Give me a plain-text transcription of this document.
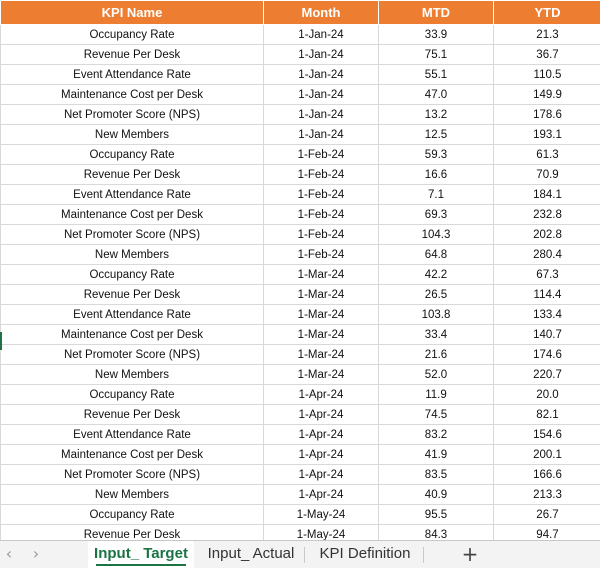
KPI Name	Month	MTD	YTD
Occupancy Rate	1-Jan-24	33.9	21.3
Revenue Per Desk	1-Jan-24	75.1	36.7
Event Attendance Rate	1-Jan-24	55.1	110.5
Maintenance Cost per Desk	1-Jan-24	47.0	149.9
Net Promoter Score (NPS)	1-Jan-24	13.2	178.6
New Members	1-Jan-24	12.5	193.1
Occupancy Rate	1-Feb-24	59.3	61.3
Revenue Per Desk	1-Feb-24	16.6	70.9
Event Attendance Rate	1-Feb-24	7.1	184.1
Maintenance Cost per Desk	1-Feb-24	69.3	232.8
Net Promoter Score (NPS)	1-Feb-24	104.3	202.8
New Members	1-Feb-24	64.8	280.4
Occupancy Rate	1-Mar-24	42.2	67.3
Revenue Per Desk	1-Mar-24	26.5	114.4
Event Attendance Rate	1-Mar-24	103.8	133.4
Maintenance Cost per Desk	1-Mar-24	33.4	140.7
Net Promoter Score (NPS)	1-Mar-24	21.6	174.6
New Members	1-Mar-24	52.0	220.7
Occupancy Rate	1-Apr-24	11.9	20.0
Revenue Per Desk	1-Apr-24	74.5	82.1
Event Attendance Rate	1-Apr-24	83.2	154.6
Maintenance Cost per Desk	1-Apr-24	41.9	200.1
Net Promoter Score (NPS)	1-Apr-24	83.5	166.6
New Members	1-Apr-24	40.9	213.3
Occupancy Rate	1-May-24	95.5	26.7
Revenue Per Desk	1-May-24	84.3	94.7

‹	›	Input_ Target	Input_ Actual	KPI Definition	+
